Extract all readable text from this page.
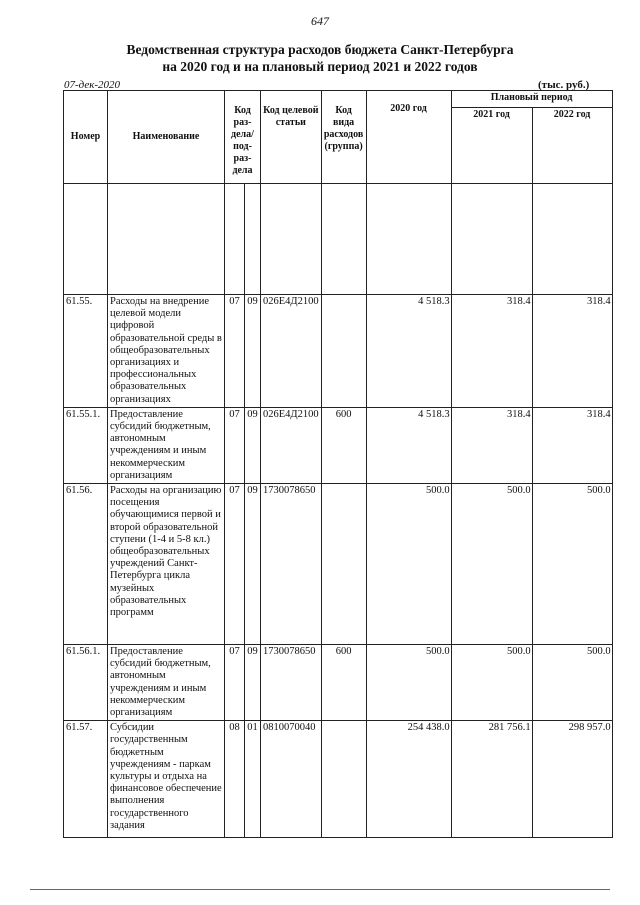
647
Ведомственная структура расходов бюджета Санкт-Петербурга
на 2020 год и на плановый период 2021 и 2022 годов
07-дек-2020	(тыс. руб.)
Номер	Наименование	Код раз- дела/ под- раз- дела		Код целевой статьи	Код вида расходов (группа)	2020 год	Плановый период	
							2021 год	2022 год

61.55.	Расходы на внедрение целевой модели цифровой образовательной среды в общеобразовательных организациях и профессиональных образовательных организациях	07	09	026E4Д2100		4 518.3	318.4	318.4
61.55.1.	Предоставление субсидий бюджетным, автономным учреждениям и иным некоммерческим организациям	07	09	026E4Д2100	600	4 518.3	318.4	318.4
61.56.	Расходы на организацию посещения обучающимися первой и второй образовательной ступени (1-4 и 5-8 кл.) общеобразовательных учреждений Санкт-Петербурга цикла музейных образовательных программ	07	09	1730078650		500.0	500.0	500.0
61.56.1.	Предоставление субсидий бюджетным, автономным учреждениям и иным некоммерческим организациям	07	09	1730078650	600	500.0	500.0	500.0
61.57.	Субсидии государственным бюджетным учреждениям - паркам культуры и отдыха на финансовое обеспечение выполнения государственного задания	08	01	0810070040		254 438.0	281 756.1	298 957.0
